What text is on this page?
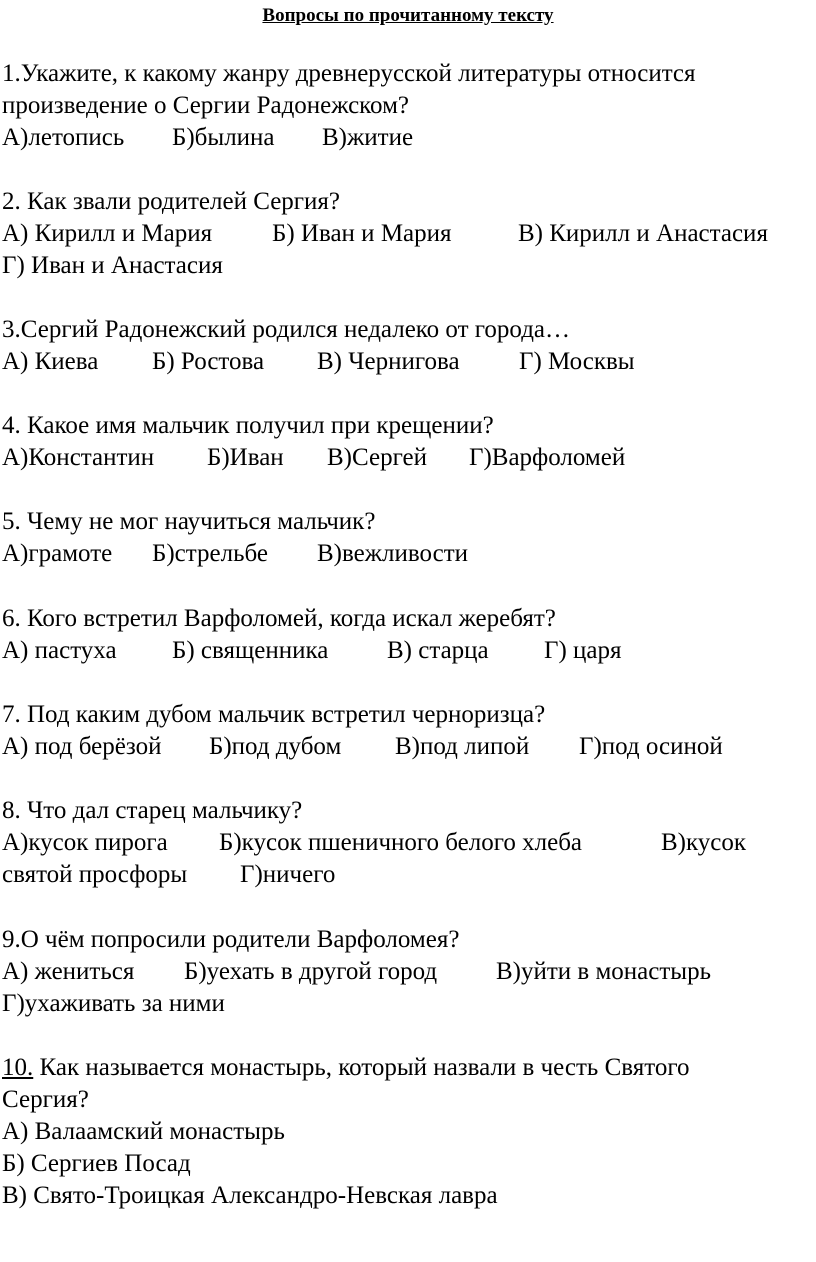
Вопросы по прочитанному тексту
1.Укажите, к какому жанру древнерусской литературы относится
произведение о Сергии Радонежском?
А)летопись Б)былина В)житие
2. Как звали родителей Сергия?
А) Кирилл и Мария Б) Иван и Мария	В) Кирилл и Анастасия
Г) Иван и Анастасия
3.Сергий Радонежский родился недалеко от города…
А) Киева Б) Ростова В) Чернигова Г) Москвы
4. Какое имя мальчик получил при крещении?
А)Константин Б)Иван В)Сергей Г)Варфоломей
5. Чему не мог научиться мальчик?
А)грамоте Б)стрельбе В)вежливости
6. Кого встретил Варфоломей, когда искал жеребят?
А) пастуха Б) священника В) старца Г) царя
7. Под каким дубом мальчик встретил черноризца?
А) под берёзой Б)под дубом В)под липой Г)под осиной
8. Что дал старец мальчику?
А)кусок пирога Б)кусок пшеничного белого хлеба	В)кусок
святой просфоры Г)ничего
9.О чём попросили родители Варфоломея?
А) жениться Б)уехать в другой город В)уйти в монастырь
Г)ухаживать за ними
10. Как называется монастырь, который назвали в честь Святого
Сергия?
А) Валаамский монастырь
Б) Сергиев Посад
В) Свято-Троицкая Александро-Невская лавра
